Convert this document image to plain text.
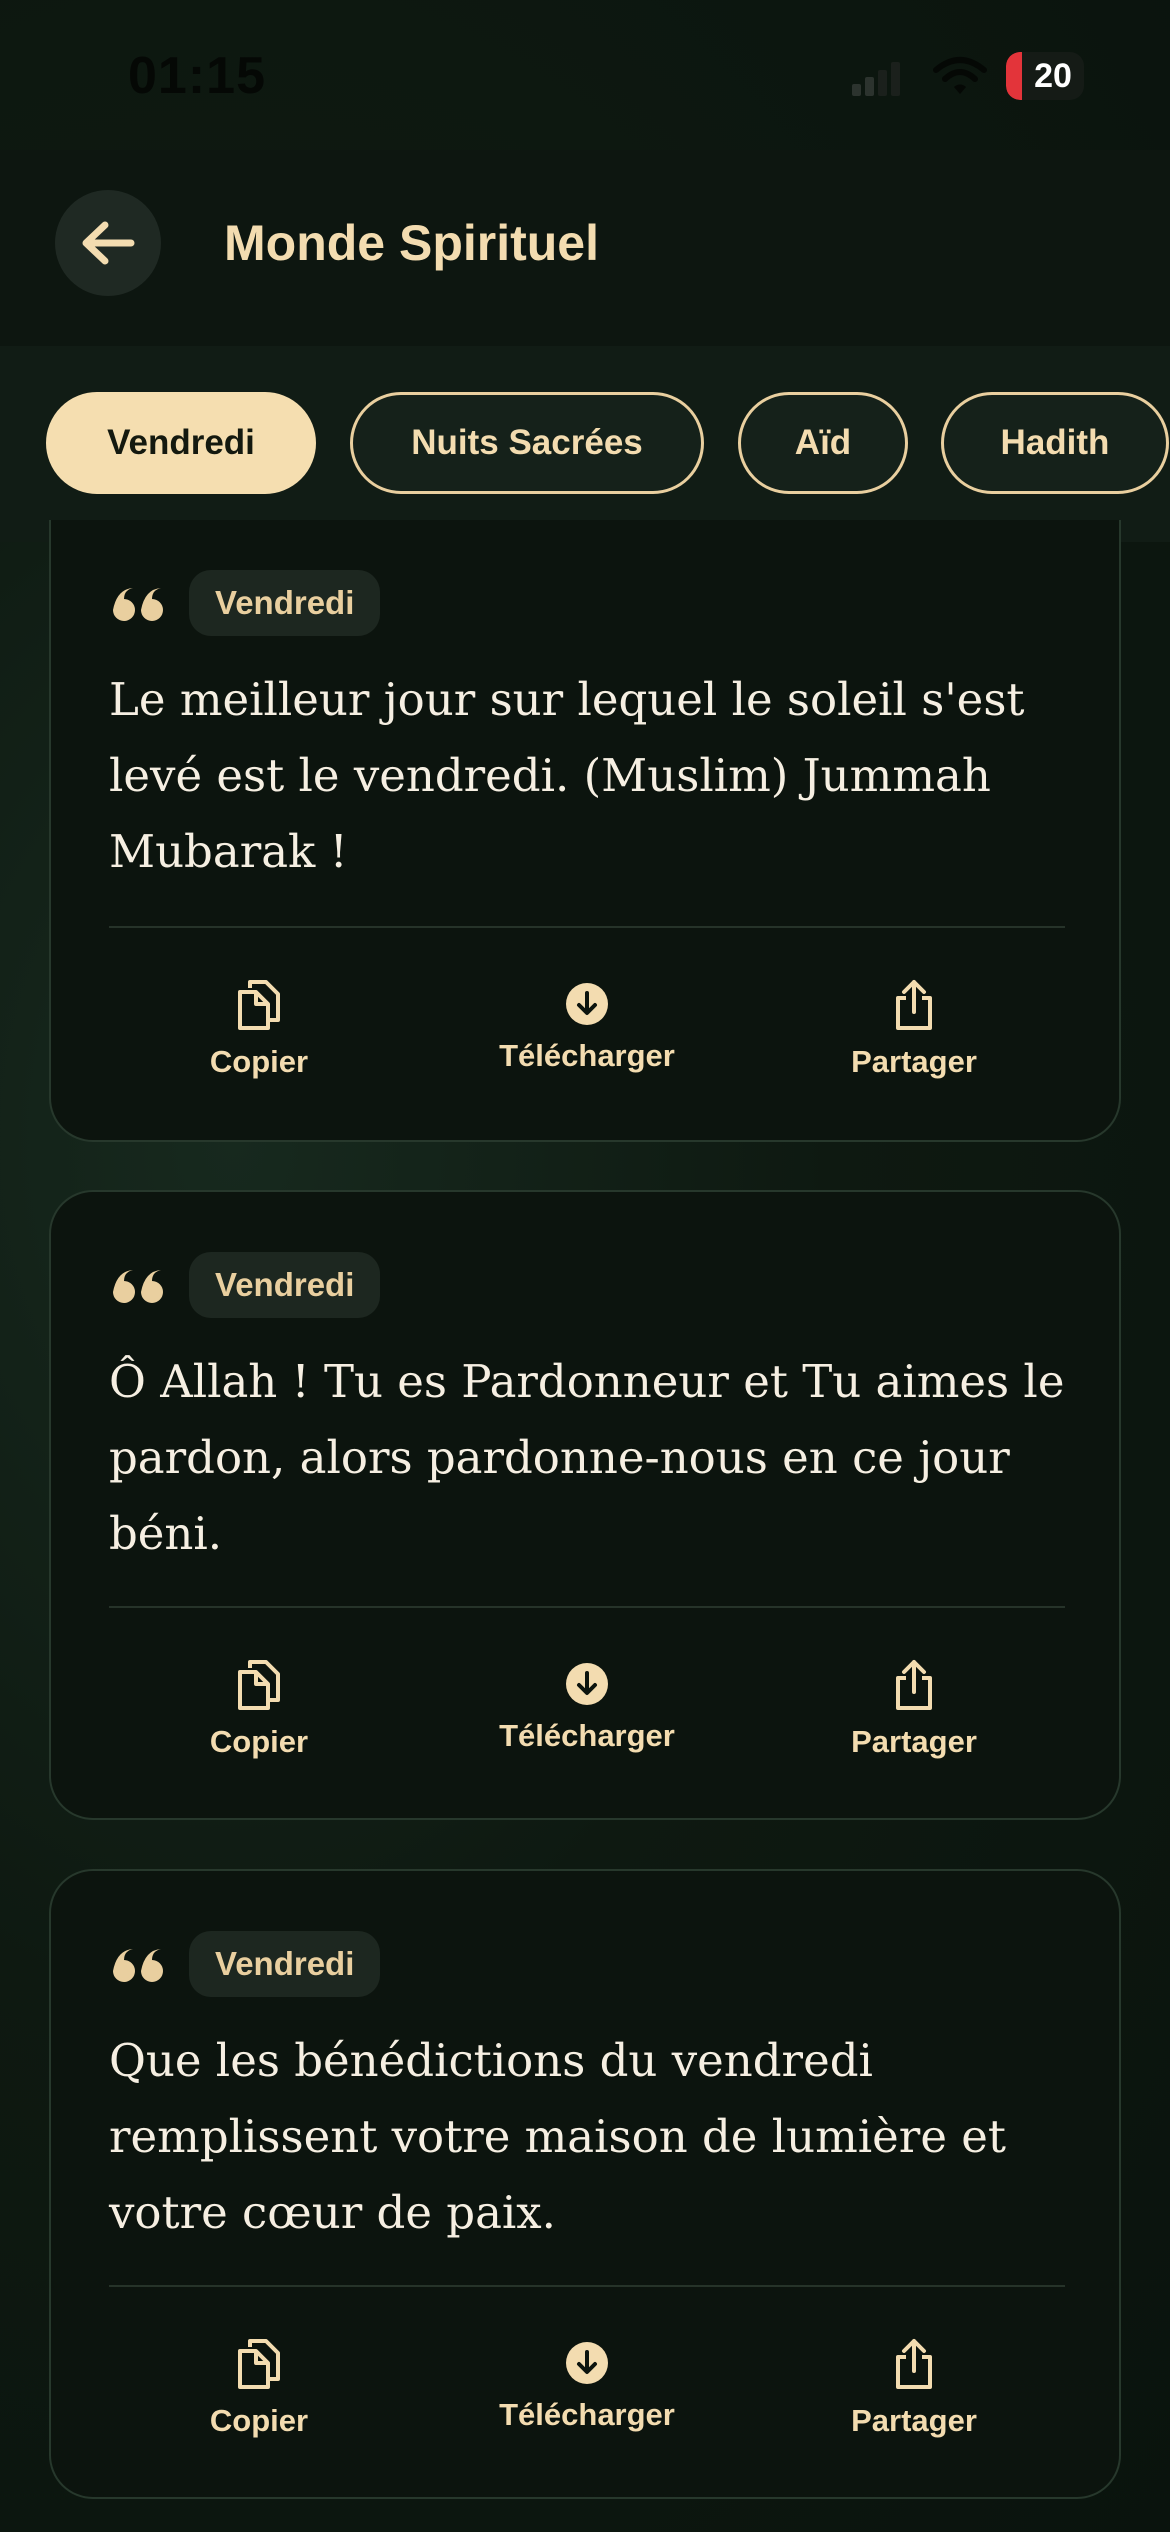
01:15	20
Monde Spirituel
Vendredi	Nuits Sacrées	Aïd	Hadith
Vendredi
Le meilleur jour sur lequel le soleil s'est
levé est le vendredi. (Muslim) Jummah
Mubarak !
Copier	Télécharger	Partager
Vendredi
Ô Allah ! Tu es Pardonneur et Tu aimes le
pardon, alors pardonne-nous en ce jour
béni.
Copier	Télécharger	Partager
Vendredi
Que les bénédictions du vendredi
remplissent votre maison de lumière et
votre cœur de paix.
Copier	Télécharger	Partager
